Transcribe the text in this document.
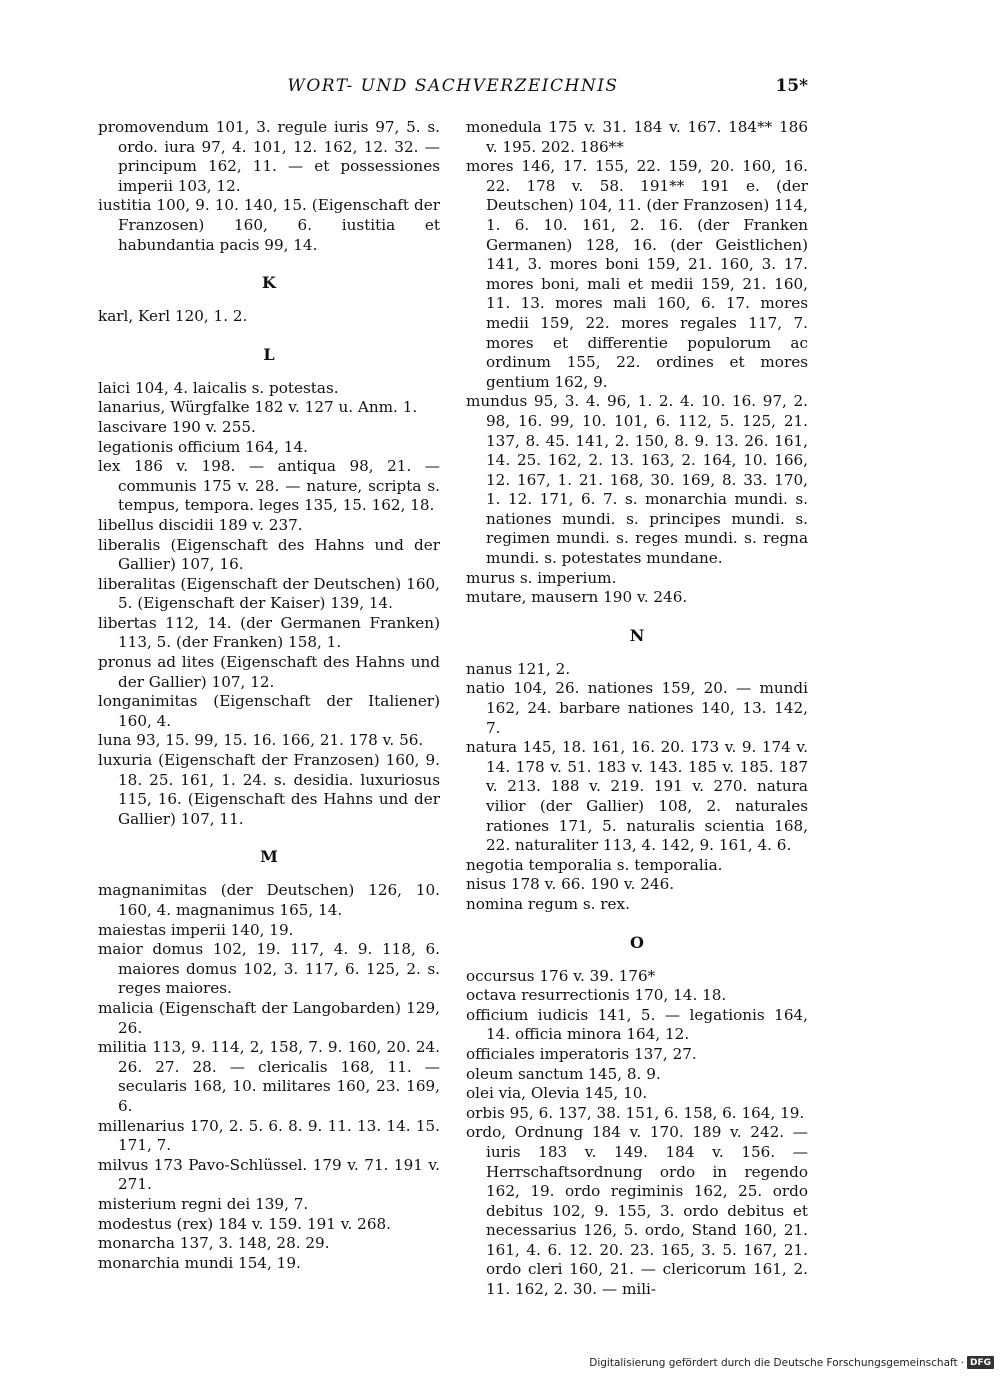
WORT- UND SACHVERZEICHNIS	15*
promovendum 101, 3. regule iuris 97, 5. s. ordo. iura 97, 4. 101, 12. 162, 12. 32. — principum 162, 11. — et possessiones imperii 103, 12.
iustitia 100, 9. 10. 140, 15. (Eigenschaft der Franzosen) 160, 6. iustitia et habundantia pacis 99, 14.
K
karl, Kerl 120, 1. 2.
L
laici 104, 4. laicalis s. potestas.
lanarius, Würgfalke 182 v. 127 u. Anm. 1.
lascivare 190 v. 255.
legationis officium 164, 14.
lex 186 v. 198. — antiqua 98, 21. — communis 175 v. 28. — nature, scripta s. tempus, tempora. leges 135, 15. 162, 18.
libellus discidii 189 v. 237.
liberalis (Eigenschaft des Hahns und der Gallier) 107, 16.
liberalitas (Eigenschaft der Deutschen) 160, 5. (Eigenschaft der Kaiser) 139, 14.
libertas 112, 14. (der Germanen Franken) 113, 5. (der Franken) 158, 1.
pronus ad lites (Eigenschaft des Hahns und der Gallier) 107, 12.
longanimitas (Eigenschaft der Italiener) 160, 4.
luna 93, 15. 99, 15. 16. 166, 21. 178 v. 56.
luxuria (Eigenschaft der Franzosen) 160, 9. 18. 25. 161, 1. 24. s. desidia. luxuriosus 115, 16. (Eigenschaft des Hahns und der Gallier) 107, 11.
M
magnanimitas (der Deutschen) 126, 10. 160, 4. magnanimus 165, 14.
maiestas imperii 140, 19.
maior domus 102, 19. 117, 4. 9. 118, 6. maiores domus 102, 3. 117, 6. 125, 2. s. reges maiores.
malicia (Eigenschaft der Langobarden) 129, 26.
militia 113, 9. 114, 2, 158, 7. 9. 160, 20. 24. 26. 27. 28. — clericalis 168, 11. — secularis 168, 10. militares 160, 23. 169, 6.
millenarius 170, 2. 5. 6. 8. 9. 11. 13. 14. 15. 171, 7.
milvus 173 Pavo-Schlüssel. 179 v. 71. 191 v. 271.
misterium regni dei 139, 7.
modestus (rex) 184 v. 159. 191 v. 268.
monarcha 137, 3. 148, 28. 29.
monarchia mundi 154, 19.
monedula 175 v. 31. 184 v. 167. 184** 186 v. 195. 202. 186**
mores 146, 17. 155, 22. 159, 20. 160, 16. 22. 178 v. 58. 191** 191 e. (der Deutschen) 104, 11. (der Franzosen) 114, 1. 6. 10. 161, 2. 16. (der Franken Germanen) 128, 16. (der Geistlichen) 141, 3. mores boni 159, 21. 160, 3. 17. mores boni, mali et medii 159, 21. 160, 11. 13. mores mali 160, 6. 17. mores medii 159, 22. mores regales 117, 7. mores et differentie populorum ac ordinum 155, 22. ordines et mores gentium 162, 9.
mundus 95, 3. 4. 96, 1. 2. 4. 10. 16. 97, 2. 98, 16. 99, 10. 101, 6. 112, 5. 125, 21. 137, 8. 45. 141, 2. 150, 8. 9. 13. 26. 161, 14. 25. 162, 2. 13. 163, 2. 164, 10. 166, 12. 167, 1. 21. 168, 30. 169, 8. 33. 170, 1. 12. 171, 6. 7. s. monarchia mundi. s. nationes mundi. s. principes mundi. s. regimen mundi. s. reges mundi. s. regna mundi. s. potestates mundane.
murus s. imperium.
mutare, mausern 190 v. 246.
N
nanus 121, 2.
natio 104, 26. nationes 159, 20. — mundi 162, 24. barbare nationes 140, 13. 142, 7.
natura 145, 18. 161, 16. 20. 173 v. 9. 174 v. 14. 178 v. 51. 183 v. 143. 185 v. 185. 187 v. 213. 188 v. 219. 191 v. 270. natura vilior (der Gallier) 108, 2. naturales rationes 171, 5. naturalis scientia 168, 22. naturaliter 113, 4. 142, 9. 161, 4. 6.
negotia temporalia s. temporalia.
nisus 178 v. 66. 190 v. 246.
nomina regum s. rex.
O
occursus 176 v. 39. 176*
octava resurrectionis 170, 14. 18.
officium iudicis 141, 5. — legationis 164, 14. officia minora 164, 12.
officiales imperatoris 137, 27.
oleum sanctum 145, 8. 9.
olei via, Olevia 145, 10.
orbis 95, 6. 137, 38. 151, 6. 158, 6. 164, 19.
ordo, Ordnung 184 v. 170. 189 v. 242. — iuris 183 v. 149. 184 v. 156. — Herrschaftsordnung ordo in regendo 162, 19. ordo regiminis 162, 25. ordo debitus 102, 9. 155, 3. ordo debitus et necessarius 126, 5. ordo, Stand 160, 21. 161, 4. 6. 12. 20. 23. 165, 3. 5. 167, 21. ordo cleri 160, 21. — clericorum 161, 2. 11. 162, 2. 30. — mili-
Digitalisierung gefördert durch die Deutsche Forschungsgemeinschaft · DFG
